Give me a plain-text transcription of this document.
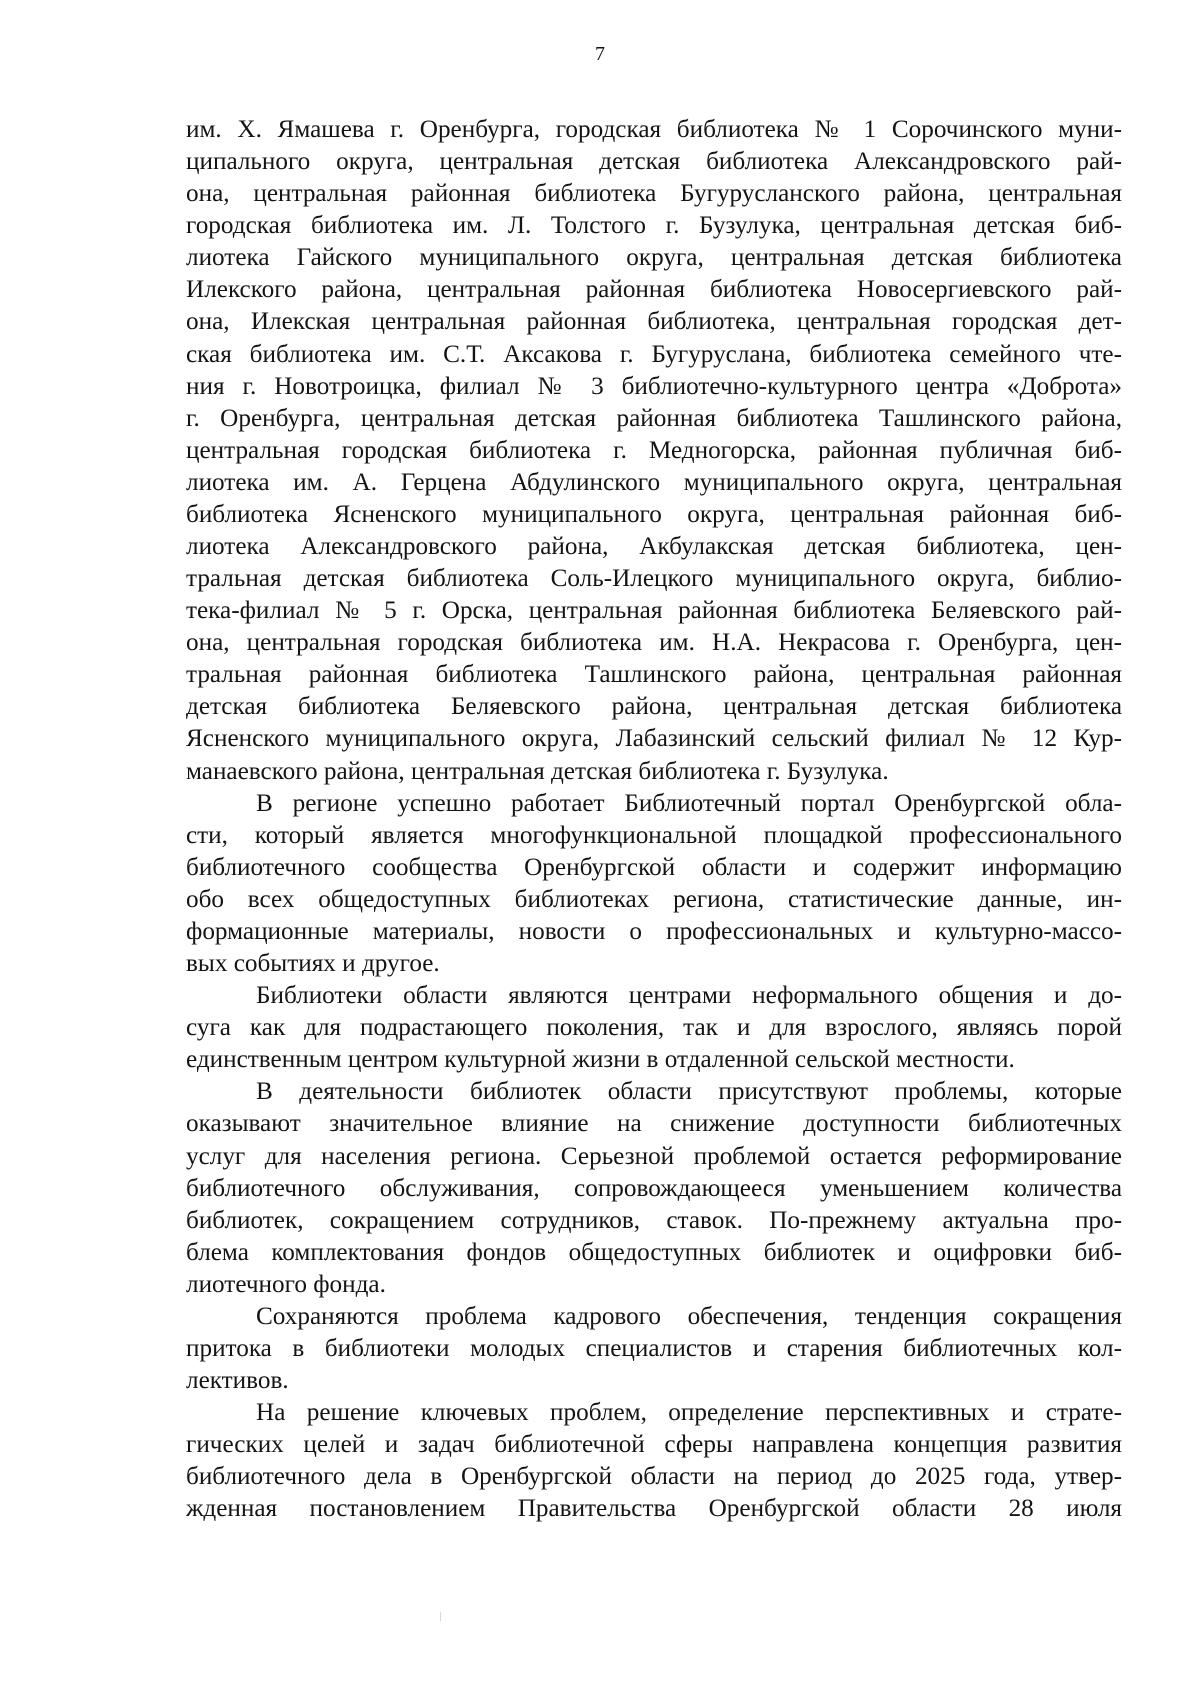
7
им. Х. Ямашева г. Оренбурга, городская библиотека № 1 Сорочинского муни-
ципального округа, центральная детская библиотека Александровского рай-
она, центральная районная библиотека Бугурусланского района, центральная
городская библиотека им. Л. Толстого г. Бузулука, центральная детская биб-
лиотека Гайского муниципального округа, центральная детская библиотека
Илекского района, центральная районная библиотека Новосергиевского рай-
она, Илекская центральная районная библиотека, центральная городская дет-
ская библиотека им. С.Т. Аксакова г. Бугуруслана, библиотека семейного чте-
ния г. Новотроицка, филиал № 3 библиотечно-культурного центра «Доброта»
г. Оренбурга, центральная детская районная библиотека Ташлинского района,
центральная городская библиотека г. Медногорска, районная публичная биб-
лиотека им. А. Герцена Абдулинского муниципального округа, центральная
библиотека Ясненского муниципального округа, центральная районная биб-
лиотека Александровского района, Акбулакская детская библиотека, цен-
тральная детская библиотека Соль-Илецкого муниципального округа, библио-
тека-филиал № 5 г. Орска, центральная районная библиотека Беляевского рай-
она, центральная городская библиотека им. Н.А. Некрасова г. Оренбурга, цен-
тральная районная библиотека Ташлинского района, центральная районная
детская библиотека Беляевского района, центральная детская библиотека
Ясненского муниципального округа, Лабазинский сельский филиал № 12 Кур-
манаевского района, центральная детская библиотека г. Бузулука.
В регионе успешно работает Библиотечный портал Оренбургской обла-
сти, который является многофункциональной площадкой профессионального
библиотечного сообщества Оренбургской области и содержит информацию
обо всех общедоступных библиотеках региона, статистические данные, ин-
формационные материалы, новости о профессиональных и культурно-массо-
вых событиях и другое.
Библиотеки области являются центрами неформального общения и до-
суга как для подрастающего поколения, так и для взрослого, являясь порой
единственным центром культурной жизни в отдаленной сельской местности.
В деятельности библиотек области присутствуют проблемы, которые
оказывают значительное влияние на снижение доступности библиотечных
услуг для населения региона. Серьезной проблемой остается реформирование
библиотечного обслуживания, сопровождающееся уменьшением количества
библиотек, сокращением сотрудников, ставок. По-прежнему актуальна про-
блема комплектования фондов общедоступных библиотек и оцифровки биб-
лиотечного фонда.
Сохраняются проблема кадрового обеспечения, тенденция сокращения
притока в библиотеки молодых специалистов и старения библиотечных кол-
лективов.
На решение ключевых проблем, определение перспективных и страте-
гических целей и задач библиотечной сферы направлена концепция развития
библиотечного дела в Оренбургской области на период до 2025 года, утвер-
жденная постановлением Правительства Оренбургской области 28 июля
